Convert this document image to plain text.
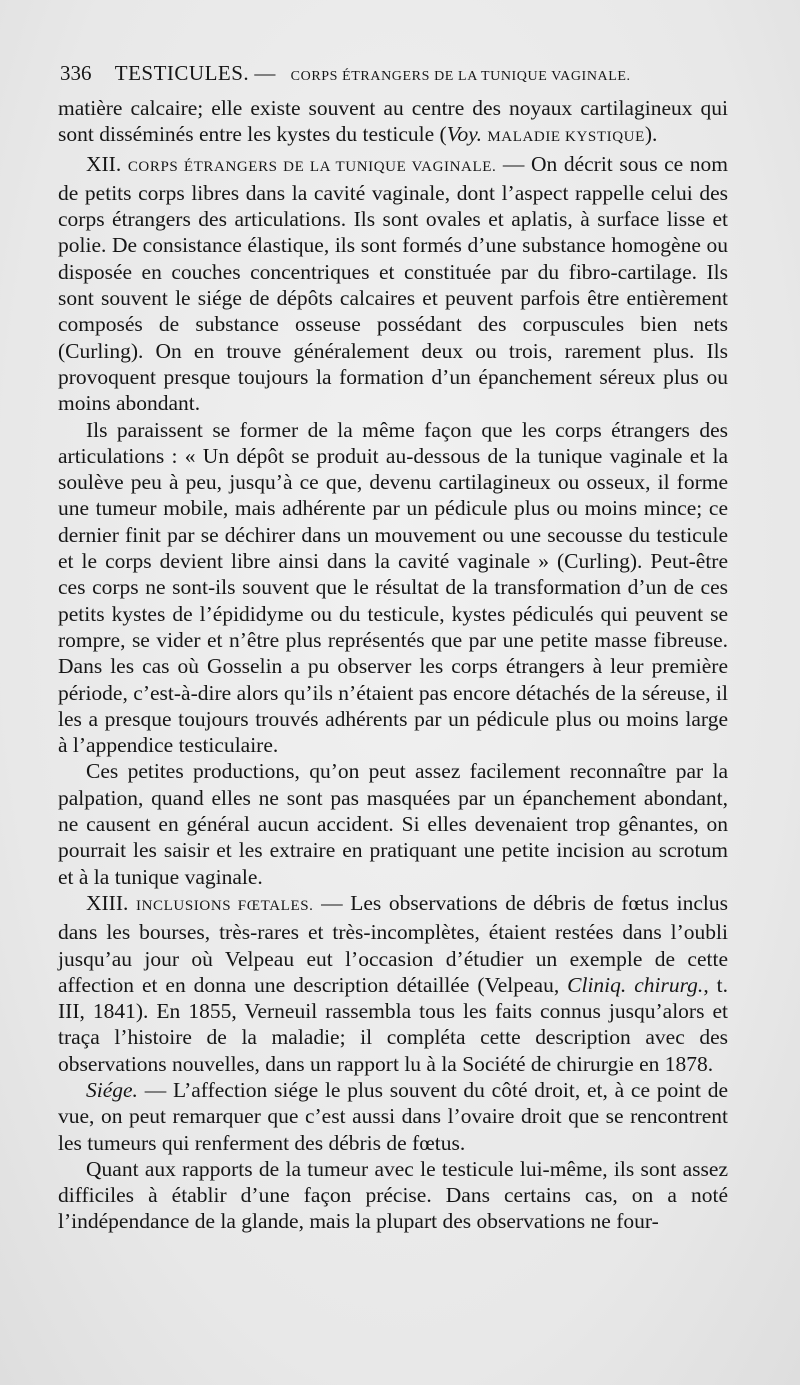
336 TESTICULES. — CORPS ÉTRANGERS DE LA TUNIQUE VAGINALE.

matière calcaire; elle existe souvent au centre des noyaux cartilagineux qui sont disséminés entre les kystes du testicule (Voy. MALADIE KYSTIQUE).

XII. CORPS ÉTRANGERS DE LA TUNIQUE VAGINALE. — On décrit sous ce nom de petits corps libres dans la cavité vaginale, dont l’aspect rappelle celui des corps étrangers des articulations. Ils sont ovales et aplatis, à surface lisse et polie. De consistance élastique, ils sont formés d’une substance homogène ou disposée en couches concentriques et constituée par du fibro-cartilage. Ils sont souvent le siége de dépôts calcaires et peuvent parfois être entièrement composés de substance osseuse possédant des corpuscules bien nets (Curling). On en trouve généralement deux ou trois, rarement plus. Ils provoquent presque toujours la formation d’un épanchement séreux plus ou moins abondant.

Ils paraissent se former de la même façon que les corps étrangers des articulations : « Un dépôt se produit au-dessous de la tunique vaginale et la soulève peu à peu, jusqu’à ce que, devenu cartilagineux ou osseux, il forme une tumeur mobile, mais adhérente par un pédicule plus ou moins mince; ce dernier finit par se déchirer dans un mouvement ou une secousse du testicule et le corps devient libre ainsi dans la cavité vaginale » (Curling). Peut-être ces corps ne sont-ils souvent que le résultat de la transformation d’un de ces petits kystes de l’épididyme ou du testicule, kystes pédiculés qui peuvent se rompre, se vider et n’être plus représentés que par une petite masse fibreuse. Dans les cas où Gosselin a pu observer les corps étrangers à leur première période, c’est-à-dire alors qu’ils n’étaient pas encore détachés de la séreuse, il les a presque toujours trouvés adhérents par un pédicule plus ou moins large à l’appendice testiculaire.

Ces petites productions, qu’on peut assez facilement reconnaître par la palpation, quand elles ne sont pas masquées par un épanchement abondant, ne causent en général aucun accident. Si elles devenaient trop gênantes, on pourrait les saisir et les extraire en pratiquant une petite incision au scrotum et à la tunique vaginale.

XIII. INCLUSIONS FŒTALES. — Les observations de débris de fœtus inclus dans les bourses, très-rares et très-incomplètes, étaient restées dans l’oubli jusqu’au jour où Velpeau eut l’occasion d’étudier un exemple de cette affection et en donna une description détaillée (Velpeau, Cliniq. chirurg., t. III, 1841). En 1855, Verneuil rassembla tous les faits connus jusqu’alors et traça l’histoire de la maladie; il compléta cette description avec des observations nouvelles, dans un rapport lu à la Société de chirurgie en 1878.

Siége. — L’affection siége le plus souvent du côté droit, et, à ce point de vue, on peut remarquer que c’est aussi dans l’ovaire droit que se rencontrent les tumeurs qui renferment des débris de fœtus.

Quant aux rapports de la tumeur avec le testicule lui-même, ils sont assez difficiles à établir d’une façon précise. Dans certains cas, on a noté l’indépendance de la glande, mais la plupart des observations ne four-
